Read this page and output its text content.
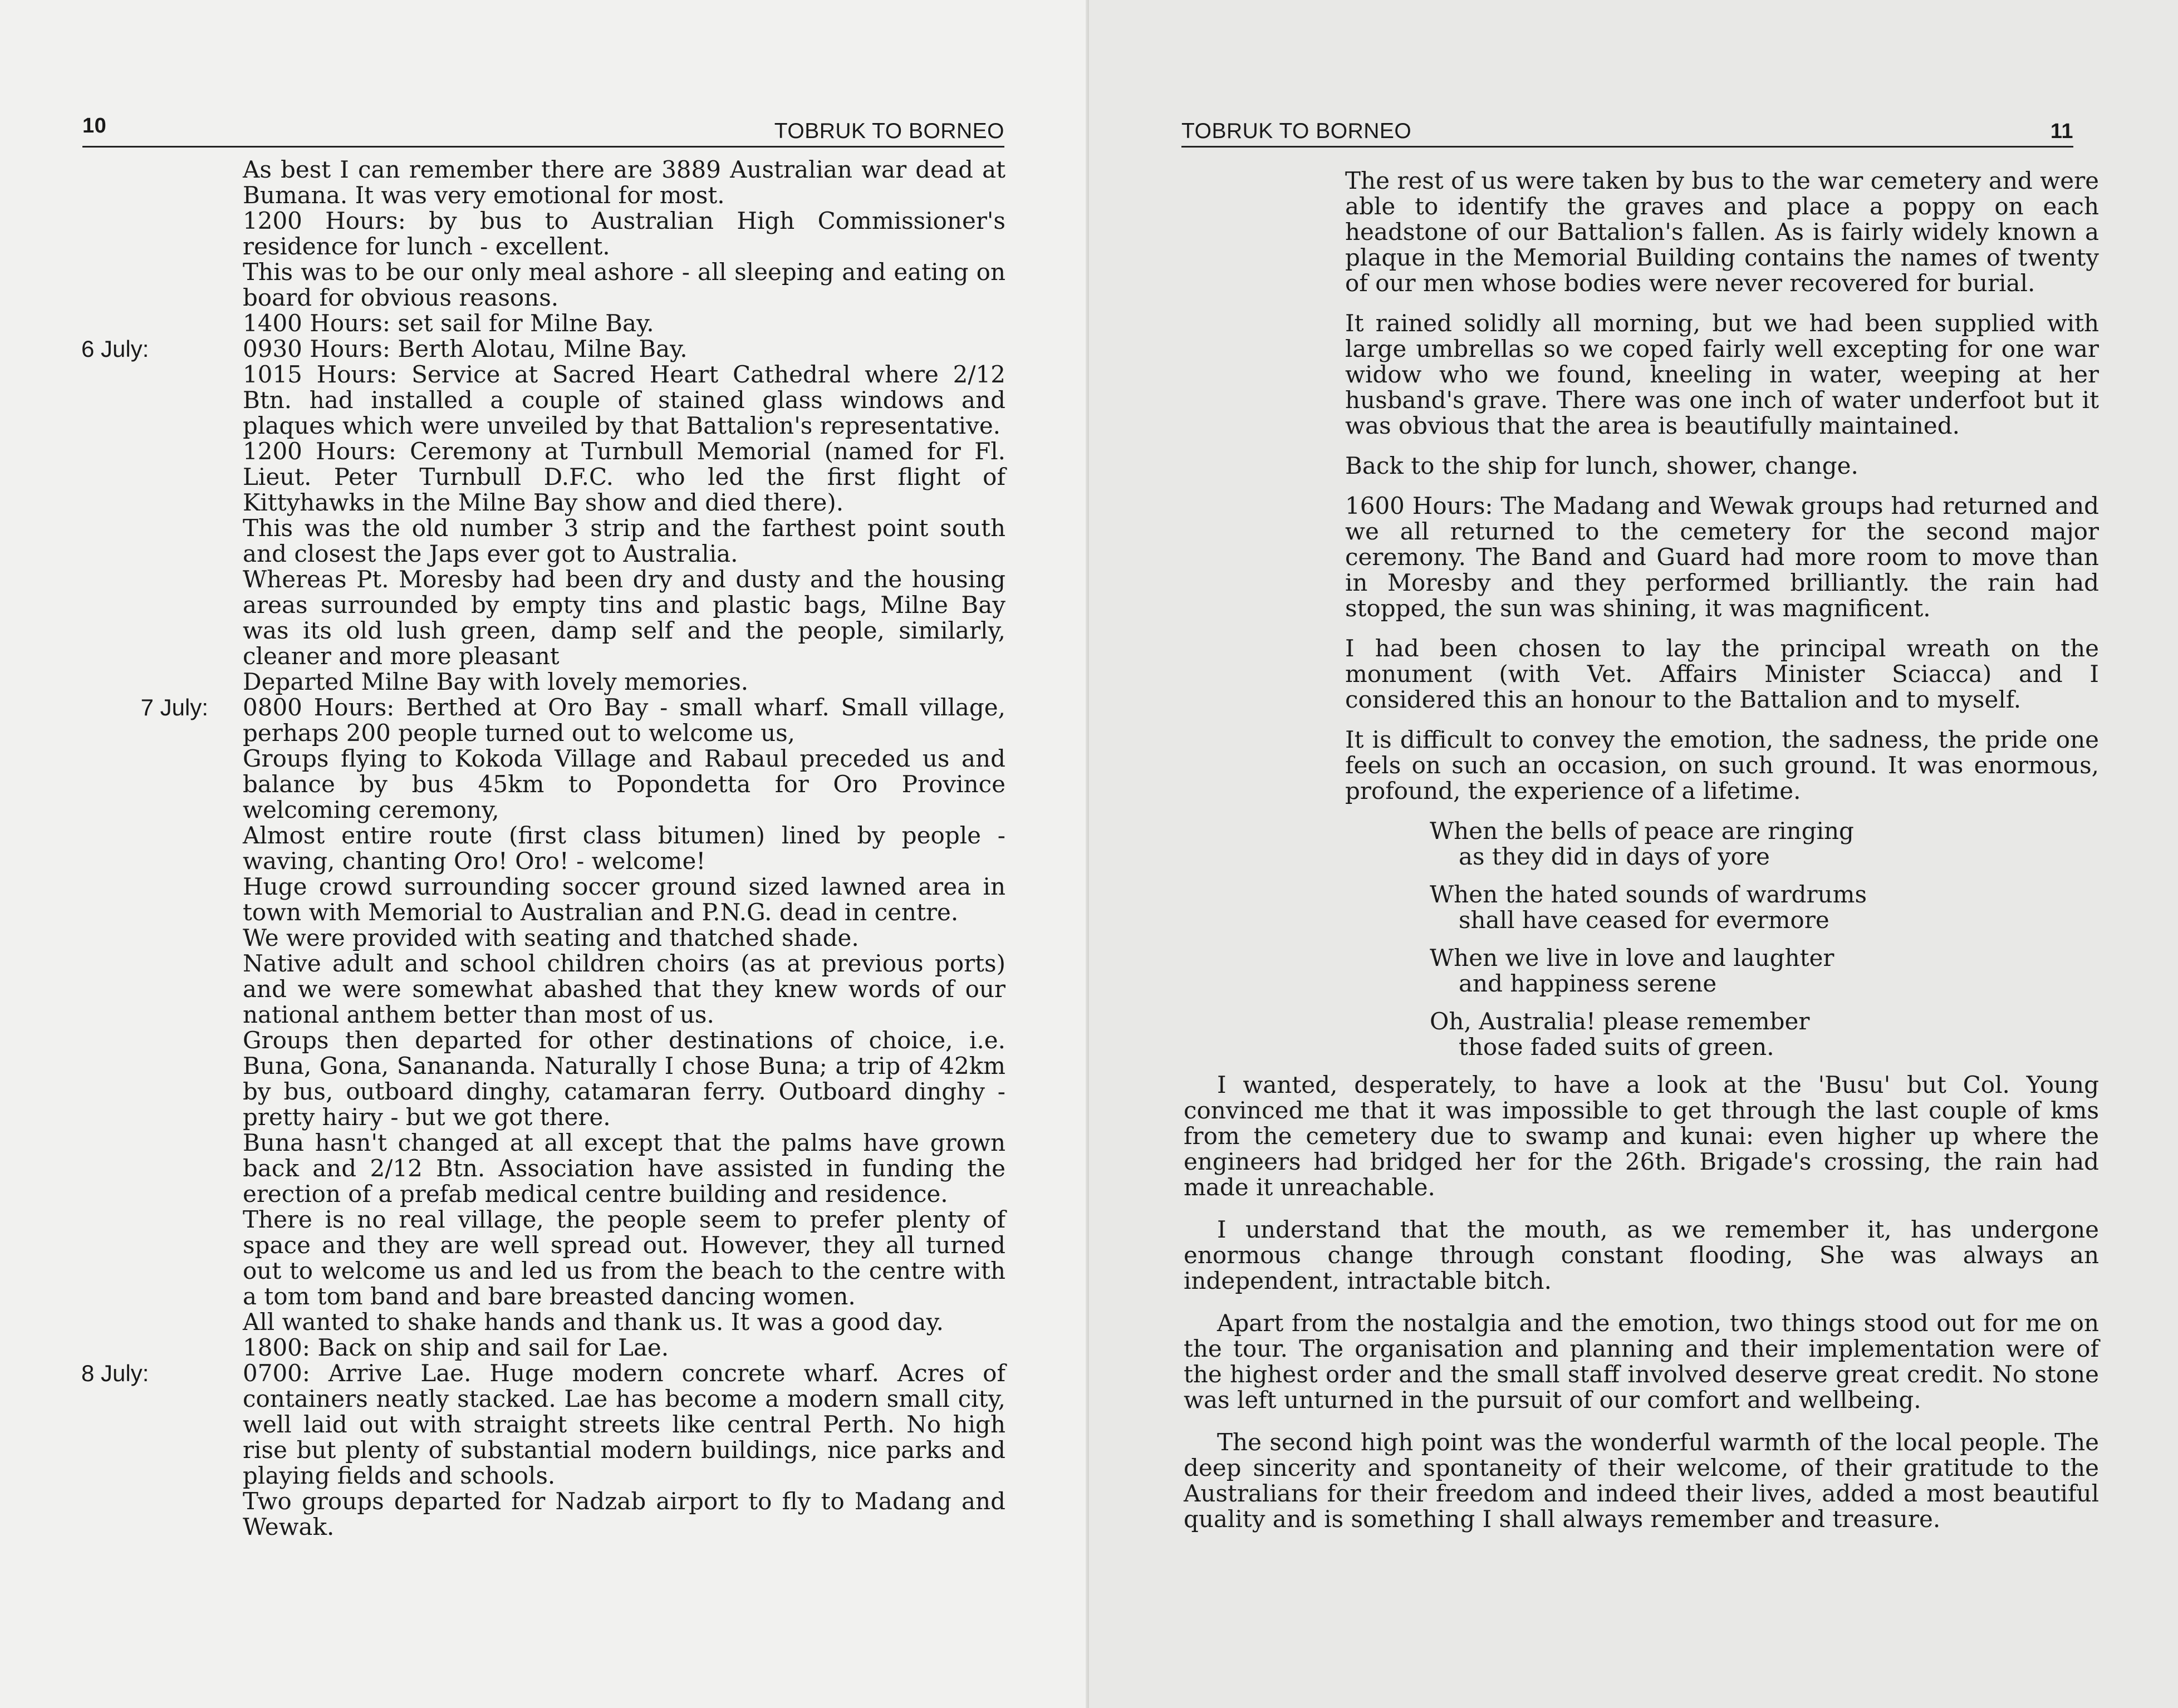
10	TOBRUK TO BORNEO

As best I can remember there are 3889 Australian war dead at Bumana. It was very emotional for most.

1200 Hours: by bus to Australian High Commissioner's residence for lunch - excellent.

This was to be our only meal ashore - all sleeping and eating on board for obvious reasons.

1400 Hours: set sail for Milne Bay.

6 July:	0930 Hours: Berth Alotau, Milne Bay.

1015 Hours: Service at Sacred Heart Cathedral where 2/12 Btn. had installed a couple of stained glass windows and plaques which were unveiled by that Battalion's representative.

1200 Hours: Ceremony at Turnbull Memorial (named for Fl. Lieut. Peter Turnbull D.F.C. who led the first flight of Kittyhawks in the Milne Bay show and died there).

This was the old number 3 strip and the farthest point south and closest the Japs ever got to Australia.

Whereas Pt. Moresby had been dry and dusty and the housing areas surrounded by empty tins and plastic bags, Milne Bay was its old lush green, damp self and the people, similarly, cleaner and more pleasant

Departed Milne Bay with lovely memories.

7 July: 0800 Hours: Berthed at Oro Bay - small wharf. Small village, perhaps 200 people turned out to welcome us,

Groups flying to Kokoda Village and Rabaul preceded us and balance by bus 45km to Popondetta for Oro Province welcoming ceremony,

Almost entire route (first class bitumen) lined by people - waving, chanting Oro! Oro! - welcome!

Huge crowd surrounding soccer ground sized lawned area in town with Memorial to Australian and P.N.G. dead in centre.

We were provided with seating and thatched shade.

Native adult and school children choirs (as at previous ports) and we were somewhat abashed that they knew words of our national anthem better than most of us.

Groups then departed for other destinations of choice, i.e. Buna, Gona, Sanananda. Naturally I chose Buna; a trip of 42km by bus, outboard dinghy, catamaran ferry. Outboard dinghy - pretty hairy - but we got there.

Buna hasn't changed at all except that the palms have grown back and 2/12 Btn. Association have assisted in funding the erection of a prefab medical centre building and residence.

There is no real village, the people seem to prefer plenty of space and they are well spread out. However, they all turned out to welcome us and led us from the beach to the centre with a tom tom band and bare breasted dancing women.

All wanted to shake hands and thank us. It was a good day.

1800: Back on ship and sail for Lae.

8 July:	0700: Arrive Lae. Huge modern concrete wharf. Acres of containers neatly stacked. Lae has become a modern small city, well laid out with straight streets like central Perth. No high rise but plenty of substantial modern buildings, nice parks and playing fields and schools.

Two groups departed for Nadzab airport to fly to Madang and Wewak.

TOBRUK TO BORNEO	11

The rest of us were taken by bus to the war cemetery and were able to identify the graves and place a poppy on each headstone of our Battalion's fallen. As is fairly widely known a plaque in the Memorial Building contains the names of twenty of our men whose bodies were never recovered for burial.

It rained solidly all morning, but we had been supplied with large umbrellas so we coped fairly well excepting for one war widow who we found, kneeling in water, weeping at her husband's grave. There was one inch of water underfoot but it was obvious that the area is beautifully maintained.

Back to the ship for lunch, shower, change.

1600 Hours: The Madang and Wewak groups had returned and we all returned to the cemetery for the second major ceremony. The Band and Guard had more room to move than in Moresby and they performed brilliantly. the rain had stopped, the sun was shining, it was magnificent.

I had been chosen to lay the principal wreath on the monument (with Vet. Affairs Minister Sciacca) and I considered this an honour to the Battalion and to myself.

It is difficult to convey the emotion, the sadness, the pride one feels on such an occasion, on such ground. It was enormous, profound, the experience of a lifetime.

When the bells of peace are ringing
as they did in days of yore
When the hated sounds of wardrums
shall have ceased for evermore
When we live in love and laughter
and happiness serene
Oh, Australia! please remember
those faded suits of green.

I wanted, desperately, to have a look at the 'Busu' but Col. Young convinced me that it was impossible to get through the last couple of kms from the cemetery due to swamp and kunai: even higher up where the engineers had bridged her for the 26th. Brigade's crossing, the rain had made it unreachable.

I understand that the mouth, as we remember it, has undergone enormous change through constant flooding, She was always an independent, intractable bitch.

Apart from the nostalgia and the emotion, two things stood out for me on the tour. The organisation and planning and their implementation were of the highest order and the small staff involved deserve great credit. No stone was left unturned in the pursuit of our comfort and wellbeing.

The second high point was the wonderful warmth of the local people. The deep sincerity and spontaneity of their welcome, of their gratitude to the Australians for their freedom and indeed their lives, added a most beautiful quality and is something I shall always remember and treasure.
